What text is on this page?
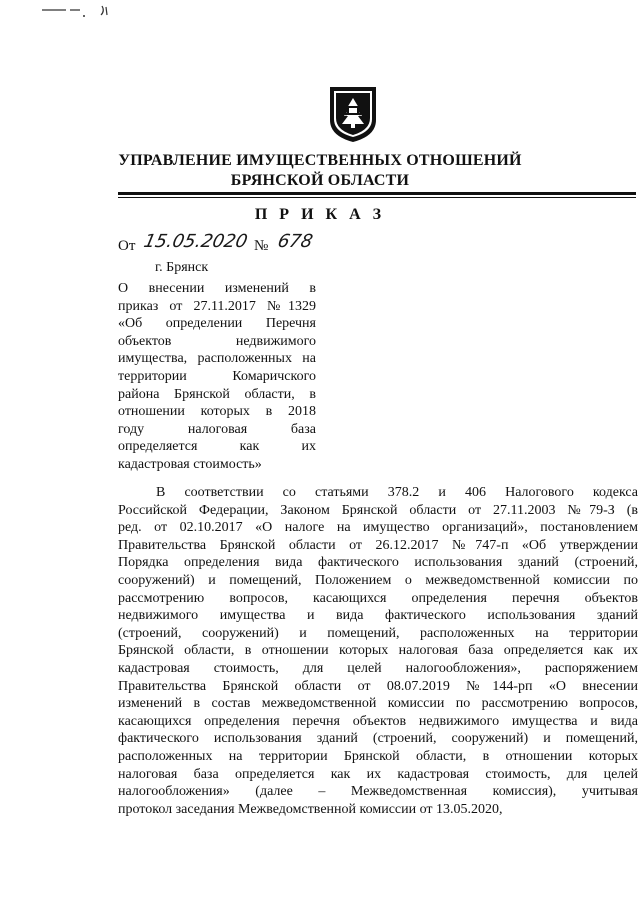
УПРАВЛЕНИЕ ИМУЩЕСТВЕННЫХ ОТНОШЕНИЙ
БРЯНСКОЙ ОБЛАСТИ
П Р И К А З
От 15.05.2020 № 678
г. Брянск
О внесении изменений в
приказ от 27.11.2017 №1329
«Об определении Перечня
объектов недвижимого
имущества, расположенных на
территории Комаричского
района Брянской области, в
отношении которых в 2018
году налоговая база
определяется как их
кадастровая стоимость»
В соответствии со статьями 378.2 и 406 Налогового кодекса
Российской Федерации, Законом Брянской области от 27.11.2003 №79-З (в
ред. от 02.10.2017 «О налоге на имущество организаций», постановлением
Правительства Брянской области от 26.12.2017 №747-п «Об утверждении
Порядка определения вида фактического использования зданий (строений,
сооружений) и помещений, Положением о межведомственной комиссии по
рассмотрению вопросов, касающихся определения перечня объектов
недвижимого имущества и вида фактического использования зданий
(строений, сооружений) и помещений, расположенных на территории
Брянской области, в отношении которых налоговая база определяется как их
кадастровая стоимость, для целей налогообложения», распоряжением
Правительства Брянской области от 08.07.2019 №144-рп «О внесении
изменений в состав межведомственной комиссии по рассмотрению вопросов,
касающихся определения перечня объектов недвижимого имущества и вида
фактического использования зданий (строений, сооружений) и помещений,
расположенных на территории Брянской области, в отношении которых
налоговая база определяется как их кадастровая стоимость, для целей
налогообложения» (далее – Межведомственная комиссия), учитывая
протокол заседания Межведомственной комиссии от 13.05.2020,
